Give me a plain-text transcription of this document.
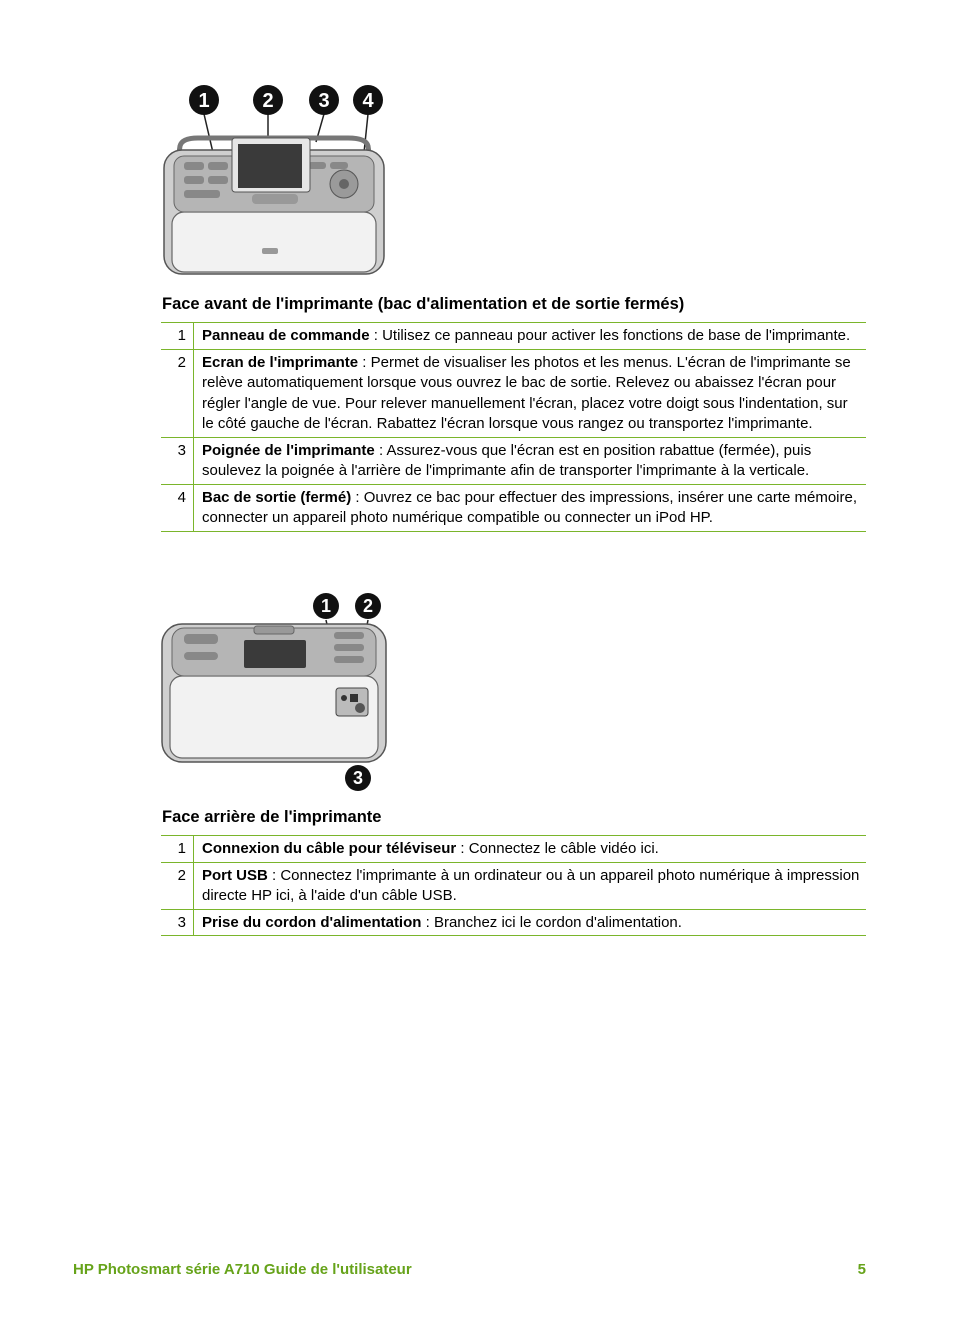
1	2 3 4
Face avant de l'imprimante (bac d'alimentation et de sortie fermés)
1	Panneau de commande : Utilisez ce panneau pour activer les fonctions de base de l'imprimante.
2	Ecran de l'imprimante : Permet de visualiser les photos et les menus. L'écran de l'imprimante se relève automatiquement lorsque vous ouvrez le bac de sortie. Relevez ou abaissez l'écran pour régler l'angle de vue. Pour relever manuellement l'écran, placez votre doigt sous l'indentation, sur le côté gauche de l'écran. Rabattez l'écran lorsque vous rangez ou transportez l'imprimante.
3	Poignée de l'imprimante : Assurez-vous que l'écran est en position rabattue (fermée), puis soulevez la poignée à l'arrière de l'imprimante afin de transporter l'imprimante à la verticale.
4	Bac de sortie (fermé) : Ouvrez ce bac pour effectuer des impressions, insérer une carte mémoire, connecter un appareil photo numérique compatible ou connecter un iPod HP.
1 2
3
Face arrière de l'imprimante
1	Connexion du câble pour téléviseur : Connectez le câble vidéo ici.
2	Port USB : Connectez l'imprimante à un ordinateur ou à un appareil photo numérique à impression directe HP ici, à l'aide d'un câble USB.
3	Prise du cordon d'alimentation : Branchez ici le cordon d'alimentation.
HP Photosmart série A710 Guide de l'utilisateur	5
